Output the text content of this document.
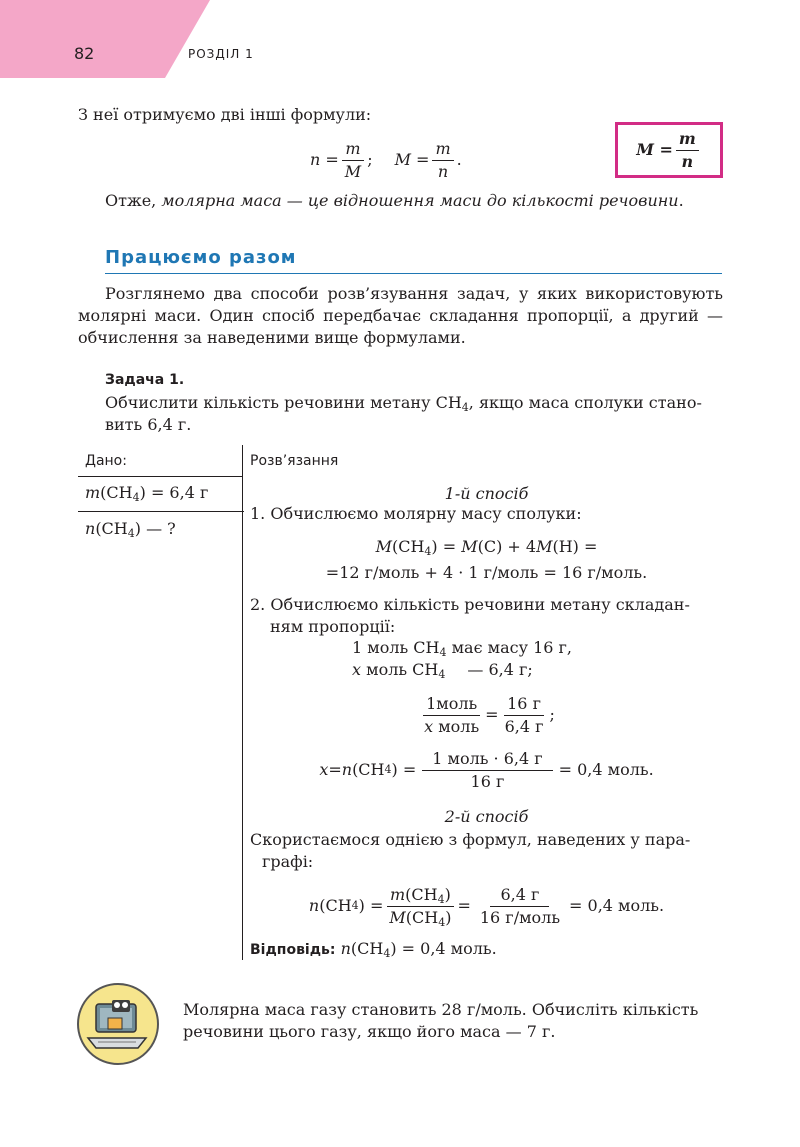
82	РОЗДІЛ 1
З неї отримуємо дві інші формули:
$n = \frac{m}{M}$ ; $M = \frac{m}{n}$ .
$M = \frac{m}{n}$
Отже, молярна маса — це відношення маси до кількості речовини.
Працюємо разом
Розглянемо два способи розв’язування задач, у яких використовують молярні маси. Один спосіб передбачає складання пропорції, а другий — обчислення за наведеними вище формулами.
Задача 1.
Обчислити кількість речовини метану $CH_4$, якщо маса сполуки стано-
вить 6,4 г.
Дано:
$m(CH_4) = 6,4$ г
$n(CH_4)$ — ?
Розв’язання
1-й спосіб
1. Обчислюємо молярну масу сполуки:
$M(CH_4) = M(C) + 4M(H)$ =
=12 г/моль + 4 · 1 г/моль = 16 г/моль.
2. Обчислюємо кількість речовини метану складан-
ням пропорції:
1 моль $CH_4$ має масу 16 г,
x моль $CH_4$ — 6,4 г;
$\frac{\text{1моль}}{\text{x моль}} = \frac{16 г}{6,4 г}$ ;
x = n (CH 4 ) = $\frac{\text{1 моль · 6,4 г}}{16 г} = 0,4$ моль.
2-й спосіб
Скористаємося однією з формул, наведених у пара-
графі:
n (CH 4 ) = $\frac{m(CH_4)}{M(CH_4)} = \frac{6,4 г}{\text{16 г/моль}} = 0,4$ моль.
Відповідь: $n(CH_4) = 0,4$ моль.
Молярна маса газу становить 28 г/моль. Обчисліть кількість
речовини цього газу, якщо його маса — 7 г.
